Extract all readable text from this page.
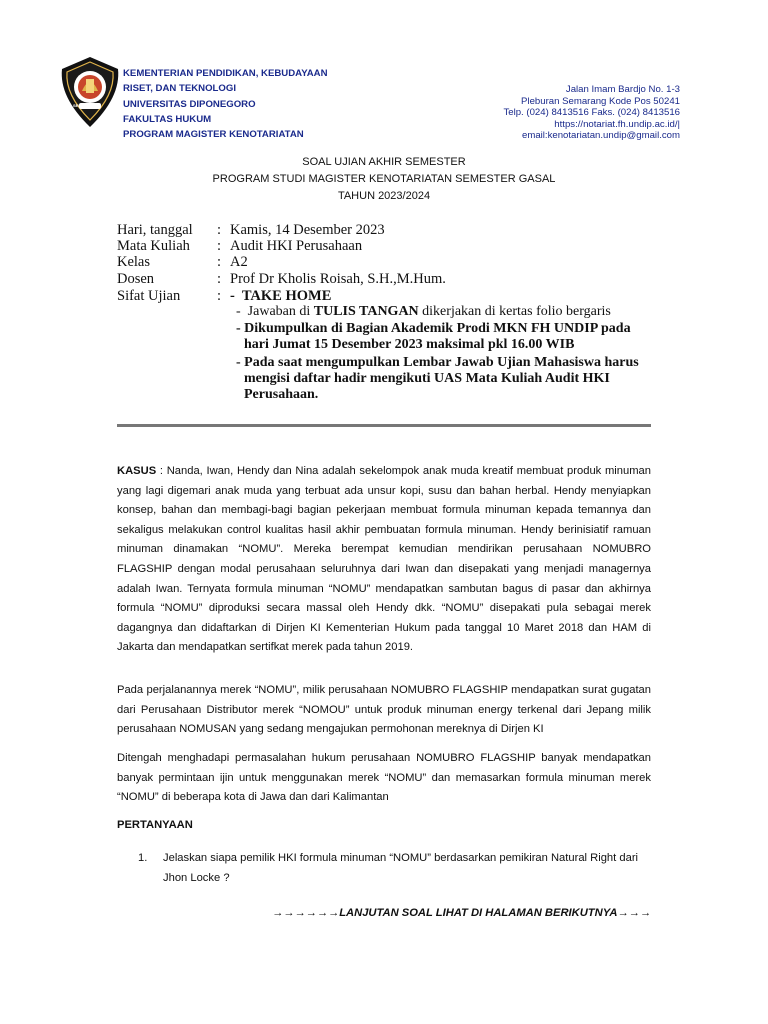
SEMARANG
KEMENTERIAN PENDIDIKAN, KEBUDAYAAN
RISET, DAN TEKNOLOGI
UNIVERSITAS DIPONEGORO
FAKULTAS HUKUM
PROGRAM MAGISTER KENOTARIATAN
Jalan Imam Bardjo No. 1-3
Pleburan Semarang Kode Pos 50241
Telp. (024) 8413516 Faks. (024) 8413516
https://notariat.fh.undip.ac.id/|
email:kenotariatan.undip@gmail.com
SOAL UJIAN AKHIR SEMESTER
PROGRAM STUDI MAGISTER KENOTARIATAN SEMESTER GASAL
TAHUN 2023/2024
Hari, tanggal : Kamis, 14 Desember 2023
Mata Kuliah : Audit HKI Perusahaan
Kelas	: A2
Dosen	: Prof Dr Kholis Roisah, S.H.,M.Hum.
Sifat Ujian	: -  TAKE HOME
-  Jawaban di TULIS TANGAN dikerjakan di kertas folio bergaris
- Dikumpulkan di Bagian Akademik Prodi MKN FH UNDIP pada
hari Jumat 15 Desember 2023 maksimal pkl 16.00 WIB
- Pada saat mengumpulkan Lembar Jawab Ujian Mahasiswa harus
mengisi daftar hadir mengikuti UAS Mata Kuliah Audit HKI
Perusahaan.
KASUS : Nanda, Iwan, Hendy dan Nina adalah sekelompok anak muda kreatif membuat produk minuman yang lagi digemari anak muda yang terbuat ada unsur kopi, susu dan bahan herbal. Hendy menyiapkan konsep, bahan dan membagi-bagi bagian pekerjaan membuat formula minuman kepada temannya dan sekaligus melakukan control kualitas hasil akhir pembuatan formula minuman. Hendy berinisiatif ramuan minuman dinamakan “NOMU”. Mereka berempat kemudian mendirikan perusahaan NOMUBRO FLAGSHIP dengan modal perusahaan seluruhnya dari Iwan dan disepakati yang menjadi managernya adalah Iwan. Ternyata formula minuman “NOMU” mendapatkan sambutan bagus di pasar dan akhirnya formula “NOMU” diproduksi secara massal oleh Hendy dkk. “NOMU” disepakati pula sebagai merek dagangnya dan didaftarkan di Dirjen KI Kementerian Hukum pada tanggal 10 Maret 2018 dan HAM di Jakarta dan mendapatkan sertifkat merek pada tahun 2019.
Pada perjalanannya merek “NOMU”, milik perusahaan NOMUBRO FLAGSHIP mendapatkan surat gugatan dari Perusahaan Distributor merek “NOMOU” untuk produk minuman energy terkenal dari Jepang milik perusahaan NOMUSAN yang sedang mengajukan permohonan mereknya di Dirjen KI
Ditengah menghadapi permasalahan hukum perusahaan NOMUBRO FLAGSHIP banyak mendapatkan banyak permintaan ijin untuk menggunakan merek “NOMU” dan memasarkan formula minuman merek “NOMU” di beberapa kota di Jawa dan dari Kalimantan
PERTANYAAN
1. Jelaskan siapa pemilik HKI formula minuman “NOMU” berdasarkan pemikiran Natural Right dari Jhon Locke ?
→→→→→→LANJUTAN SOAL LIHAT DI HALAMAN BERIKUTNYA→→→
